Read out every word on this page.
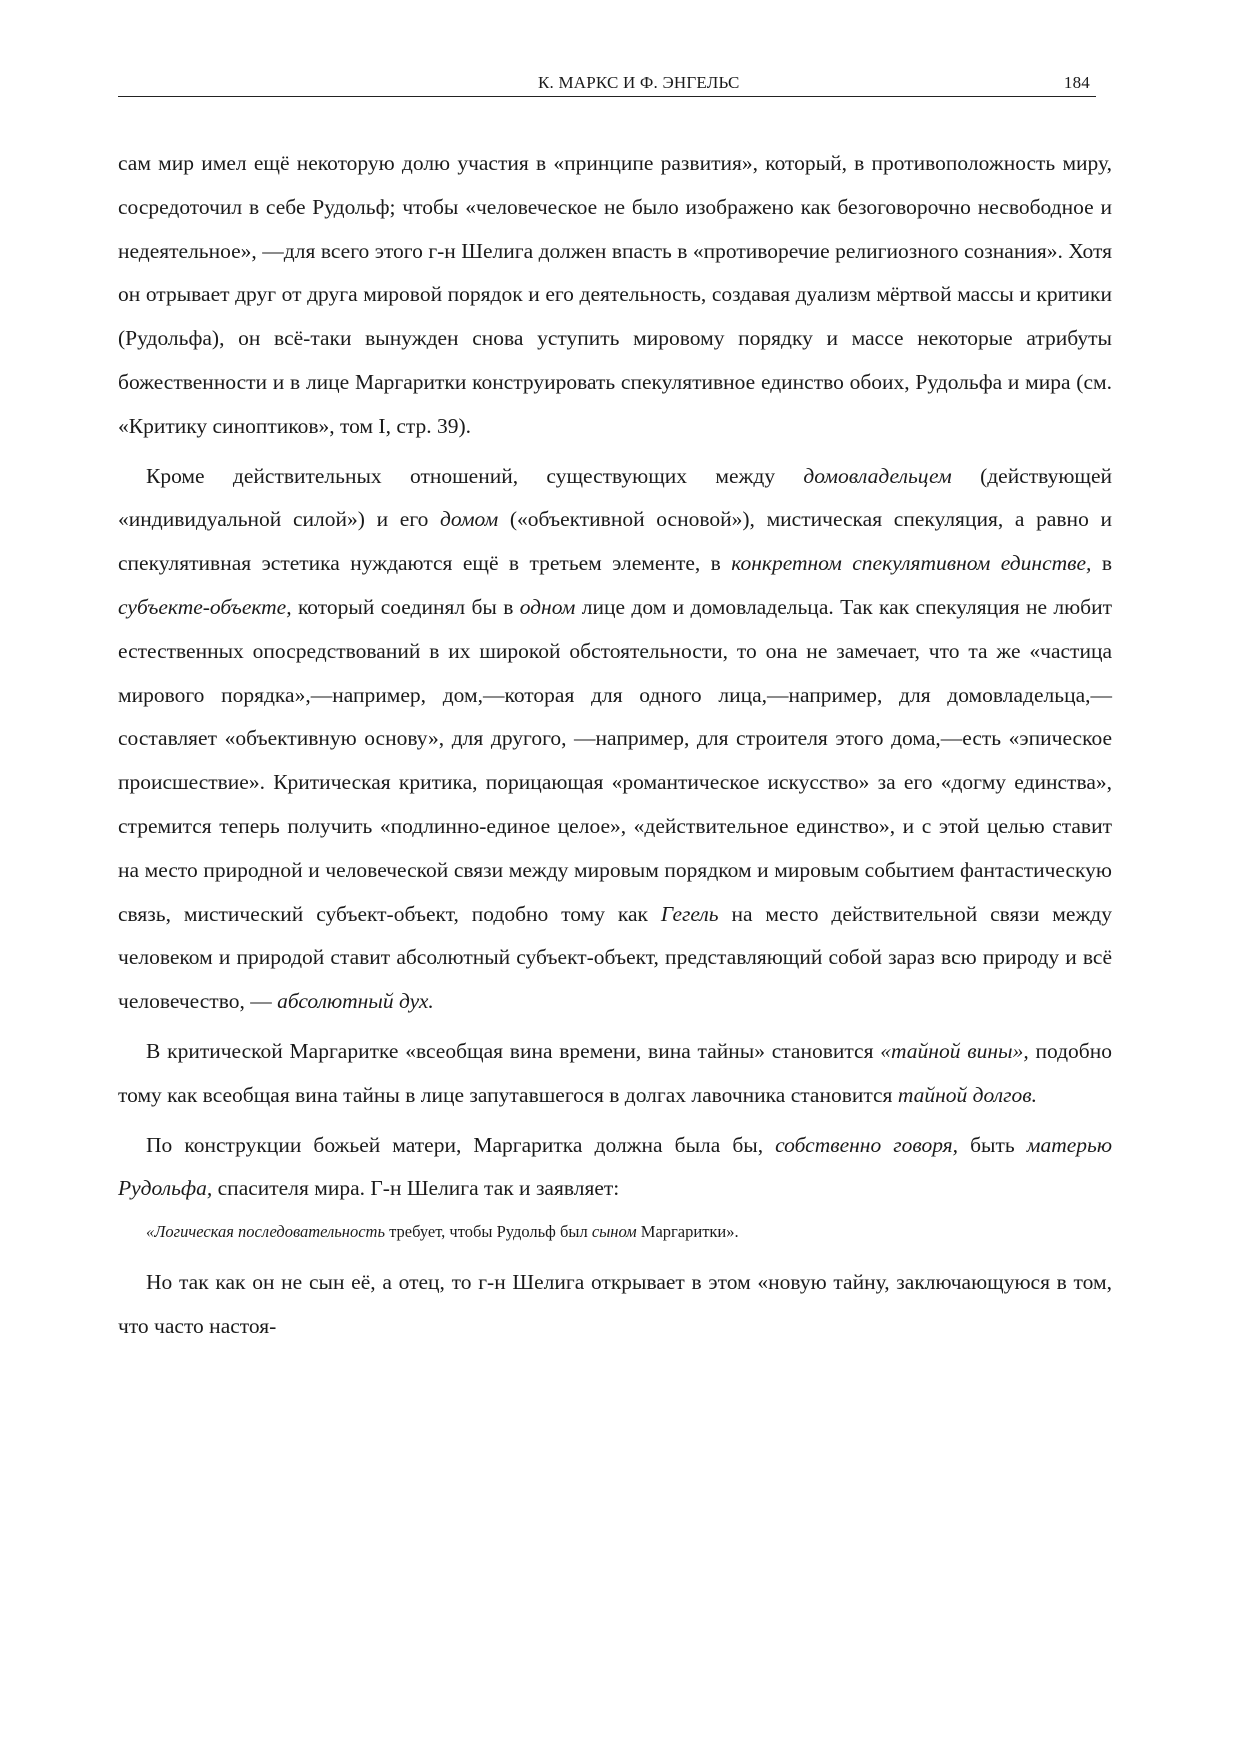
К. МАРКС И Ф. ЭНГЕЛЬС	184

сам мир имел ещё некоторую долю участия в «принципе развития», который, в противоположность миру, сосредоточил в себе Рудольф; чтобы «человеческое не было изображено как безоговорочно несвободное и недеятельное», —для всего этого г-н Шелига должен впасть в «противоречие религиозного сознания». Хотя он отрывает друг от друга мировой порядок и его деятельность, создавая дуализм мёртвой массы и критики (Рудольфа), он всё-таки вынужден снова уступить мировому порядку и массе некоторые атрибуты божественности и в лице Маргаритки конструировать спекулятивное единство обоих, Рудольфа и мира (см. «Критику синоптиков», том I, стр. 39).

Кроме действительных отношений, существующих между домовладельцем (действующей «индивидуальной силой») и его домом («объективной основой»), мистическая спекуляция, а равно и спекулятивная эстетика нуждаются ещё в третьем элементе, в конкретном спекулятивном единстве, в субъекте-объекте, который соединял бы в одном лице дом и домовладельца. Так как спекуляция не любит естественных опосредствований в их широкой обстоятельности, то она не замечает, что та же «частица мирового порядка»,—например, дом,—которая для одного лица,—например, для домовладельца,—составляет «объективную основу», для другого, —например, для строителя этого дома,—есть «эпическое происшествие». Критическая критика, порицающая «романтическое искусство» за его «догму единства», стремится теперь получить «подлинно-единое целое», «действительное единство», и с этой целью ставит на место природной и человеческой связи между мировым порядком и мировым событием фантастическую связь, мистический субъект-объект, подобно тому как Гегель на место действительной связи между человеком и природой ставит абсолютный субъект-объект, представляющий собой зараз всю природу и всё человечество, — абсолютный дух.

В критической Маргаритке «всеобщая вина времени, вина тайны» становится «тайной вины», подобно тому как всеобщая вина тайны в лице запутавшегося в долгах лавочника становится тайной долгов.

По конструкции божьей матери, Маргаритка должна была бы, собственно говоря, быть матерью Рудольфа, спасителя мира. Г-н Шелига так и заявляет:

«Логическая последовательность требует, чтобы Рудольф был сыном Маргаритки».

Но так как он не сын её, а отец, то г-н Шелига открывает в этом «новую тайну, заключающуюся в том, что часто настоя-
